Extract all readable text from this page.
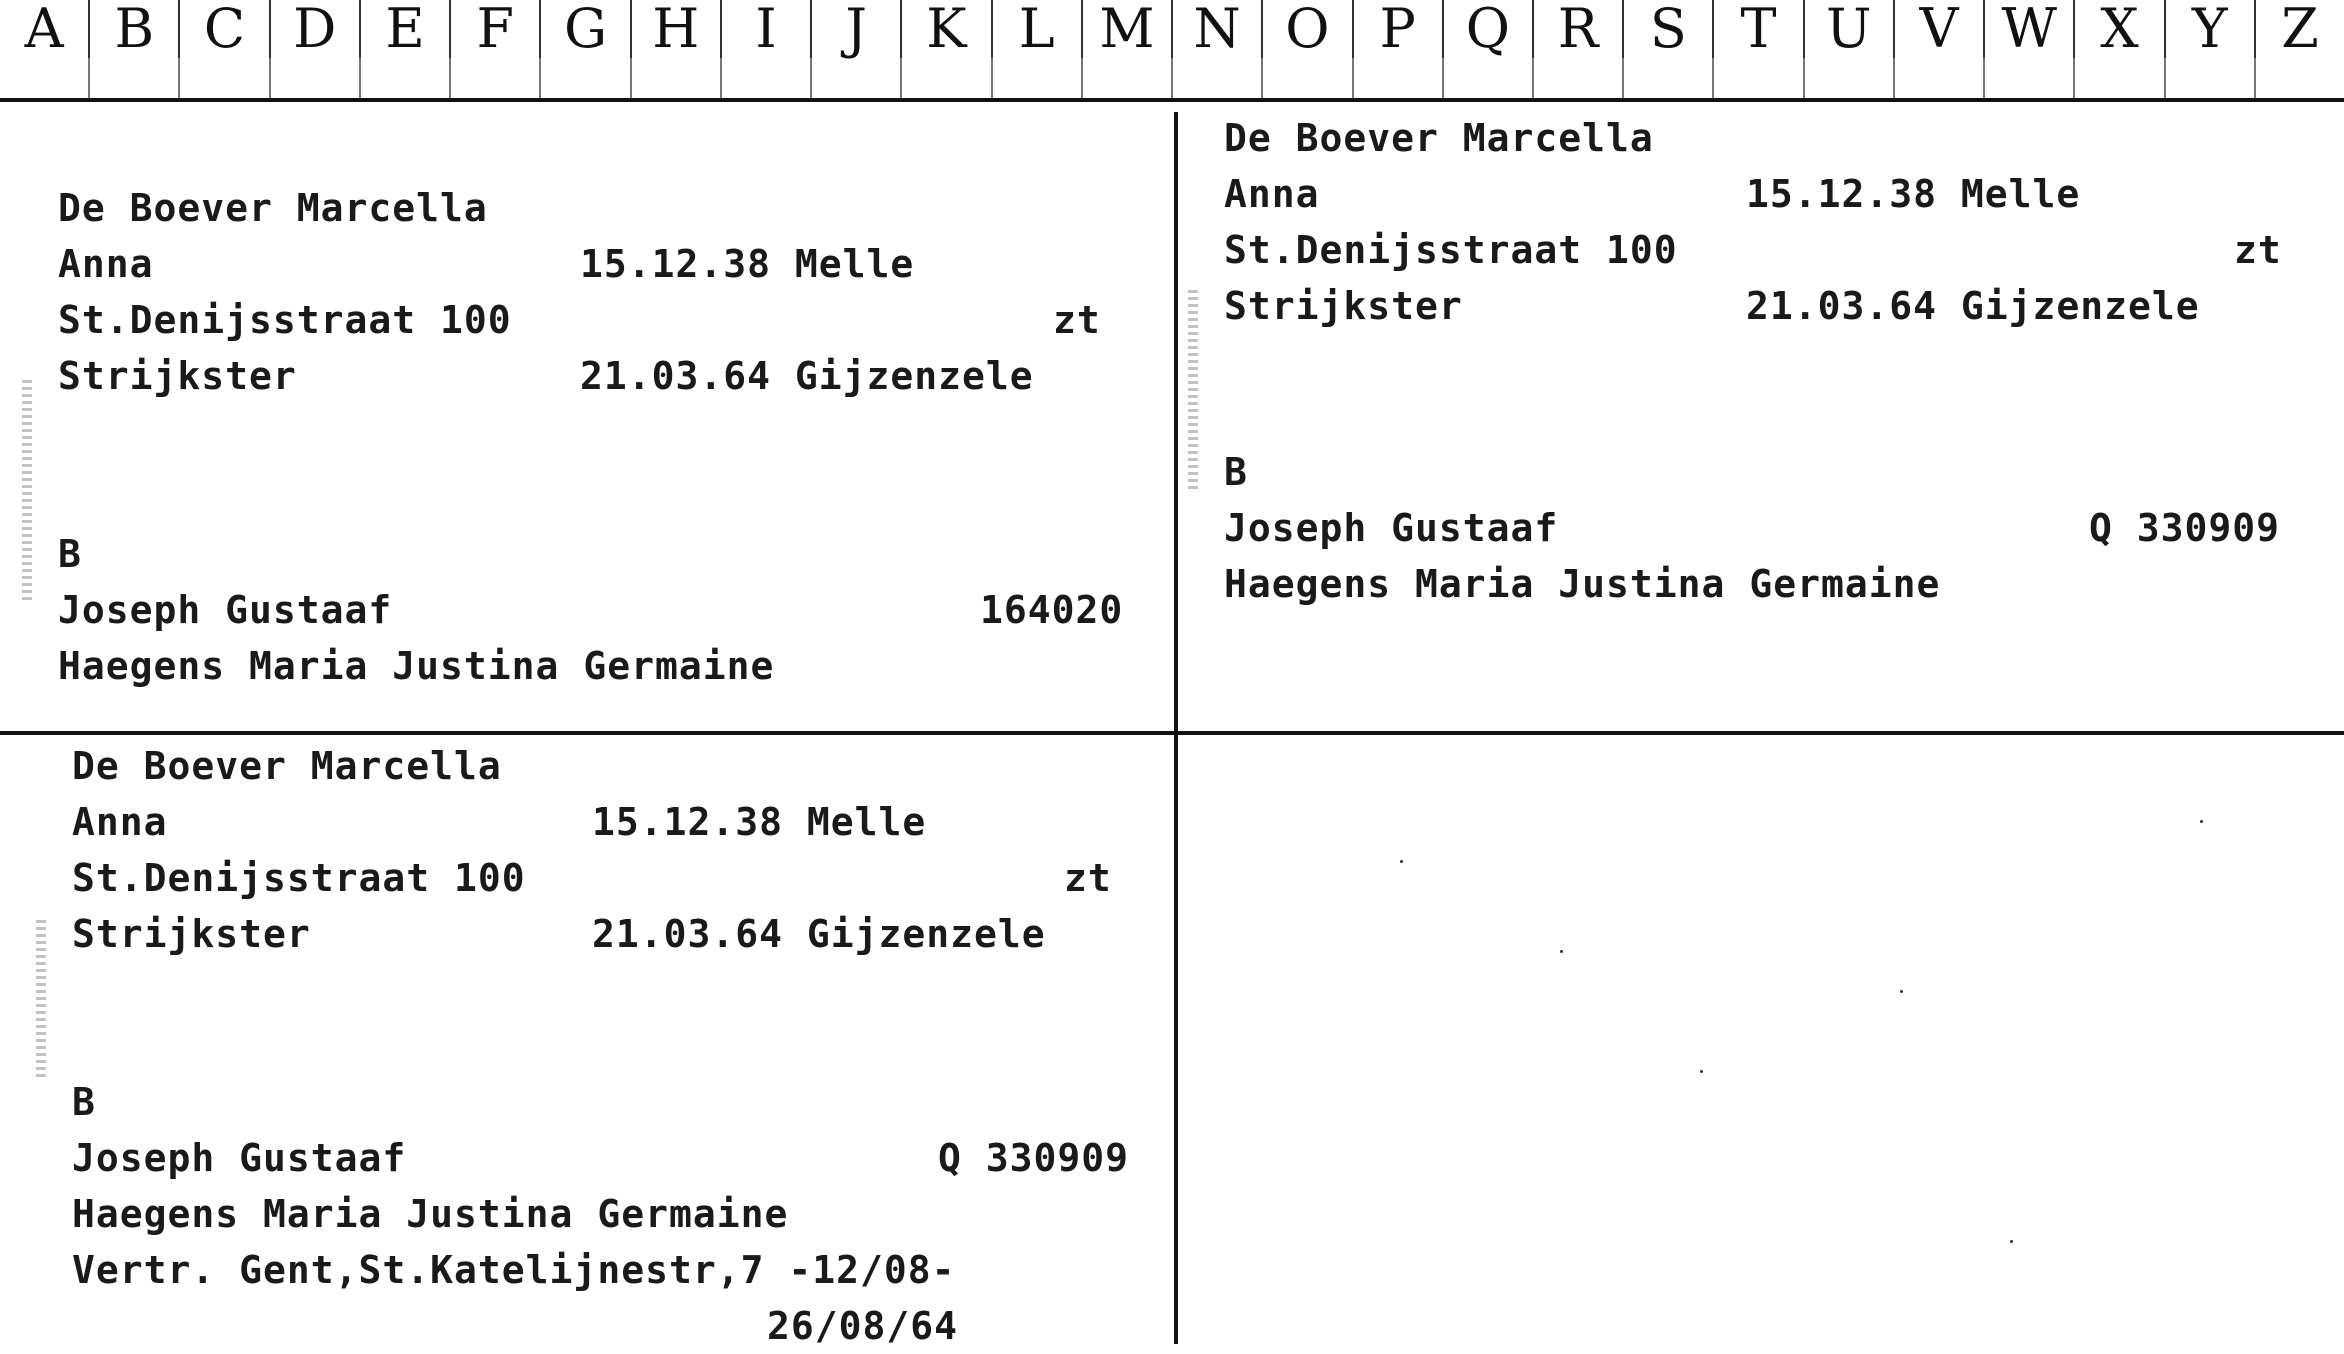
A B C D E F G H	I	J	K L M N O P Q R S T U V W X Y Z
De Boever Marcella
Anna	15.12.38 Melle
St.Denijsstraat 100	zt
Strijkster	21.03.64 Gijzenzele
B
Joseph Gustaaf	164020
Haegens Maria Justina Germaine
De Boever Marcella
Anna	15.12.38 Melle
St.Denijsstraat 100	zt
Strijkster	21.03.64 Gijzenzele
B
Joseph Gustaaf	Q 330909
Haegens Maria Justina Germaine
De Boever Marcella
Anna	15.12.38 Melle
St.Denijsstraat 100	zt
Strijkster	21.03.64 Gijzenzele
B
Joseph Gustaaf	Q 330909
Haegens Maria Justina Germaine
Vertr. Gent,St.Katelijnestr,7 -12/08-
26/08/64
